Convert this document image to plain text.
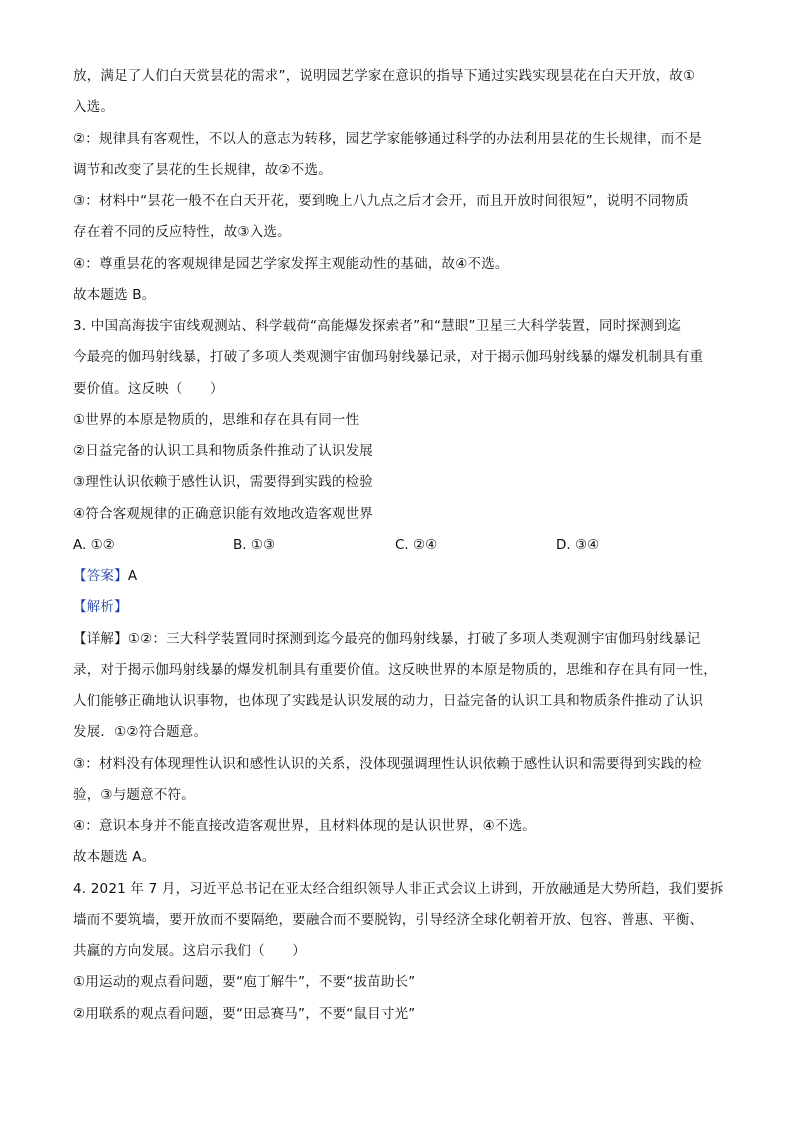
放，满足了人们白天赏昙花的需求”，说明园艺学家在意识的指导下通过实践实现昙花在白天开放，故①
入选。
②：规律具有客观性，不以人的意志为转移，园艺学家能够通过科学的办法利用昙花的生长规律，而不是
调节和改变了昙花的生长规律，故②不选。
③：材料中“昙花一般不在白天开花，要到晚上八九点之后才会开，而且开放时间很短”，说明不同物质
存在着不同的反应特性，故③入选。
④：尊重昙花的客观规律是园艺学家发挥主观能动性的基础，故④不选。
故本题选 B。
3. 中国高海拔宇宙线观测站、科学载荷“高能爆发探索者”和“慧眼”卫星三大科学装置，同时探测到迄
今最亮的伽玛射线暴，打破了多项人类观测宇宙伽玛射线暴记录，对于揭示伽玛射线暴的爆发机制具有重
要价值。这反映（　　）
①世界的本原是物质的，思维和存在具有同一性
②日益完备的认识工具和物质条件推动了认识发展
③理性认识依赖于感性认识，需要得到实践的检验
④符合客观规律的正确意识能有效地改造客观世界
A. ①②	B. ①③	C. ②④	D. ③④
【答案】A
【解析】
【详解】①②：三大科学装置同时探测到迄今最亮的伽玛射线暴，打破了多项人类观测宇宙伽玛射线暴记
录，对于揭示伽玛射线暴的爆发机制具有重要价值。这反映世界的本原是物质的，思维和存在具有同一性，
人们能够正确地认识事物，也体现了实践是认识发展的动力，日益完备的认识工具和物质条件推动了认识
发展．①②符合题意。
③：材料没有体现理性认识和感性认识的关系，没体现强调理性认识依赖于感性认识和需要得到实践的检
验，③与题意不符。
④：意识本身并不能直接改造客观世界，且材料体现的是认识世界，④不选。
故本题选 A。
4. 2021 年 7 月，习近平总书记在亚太经合组织领导人非正式会议上讲到，开放融通是大势所趋，我们要拆
墙而不要筑墙，要开放而不要隔绝，要融合而不要脱钩，引导经济全球化朝着开放、包容、普惠、平衡、
共赢的方向发展。这启示我们（　　）
①用运动的观点看问题，要“庖丁解牛”，不要“拔苗助长”
②用联系的观点看问题，要“田忌赛马”，不要“鼠目寸光”
